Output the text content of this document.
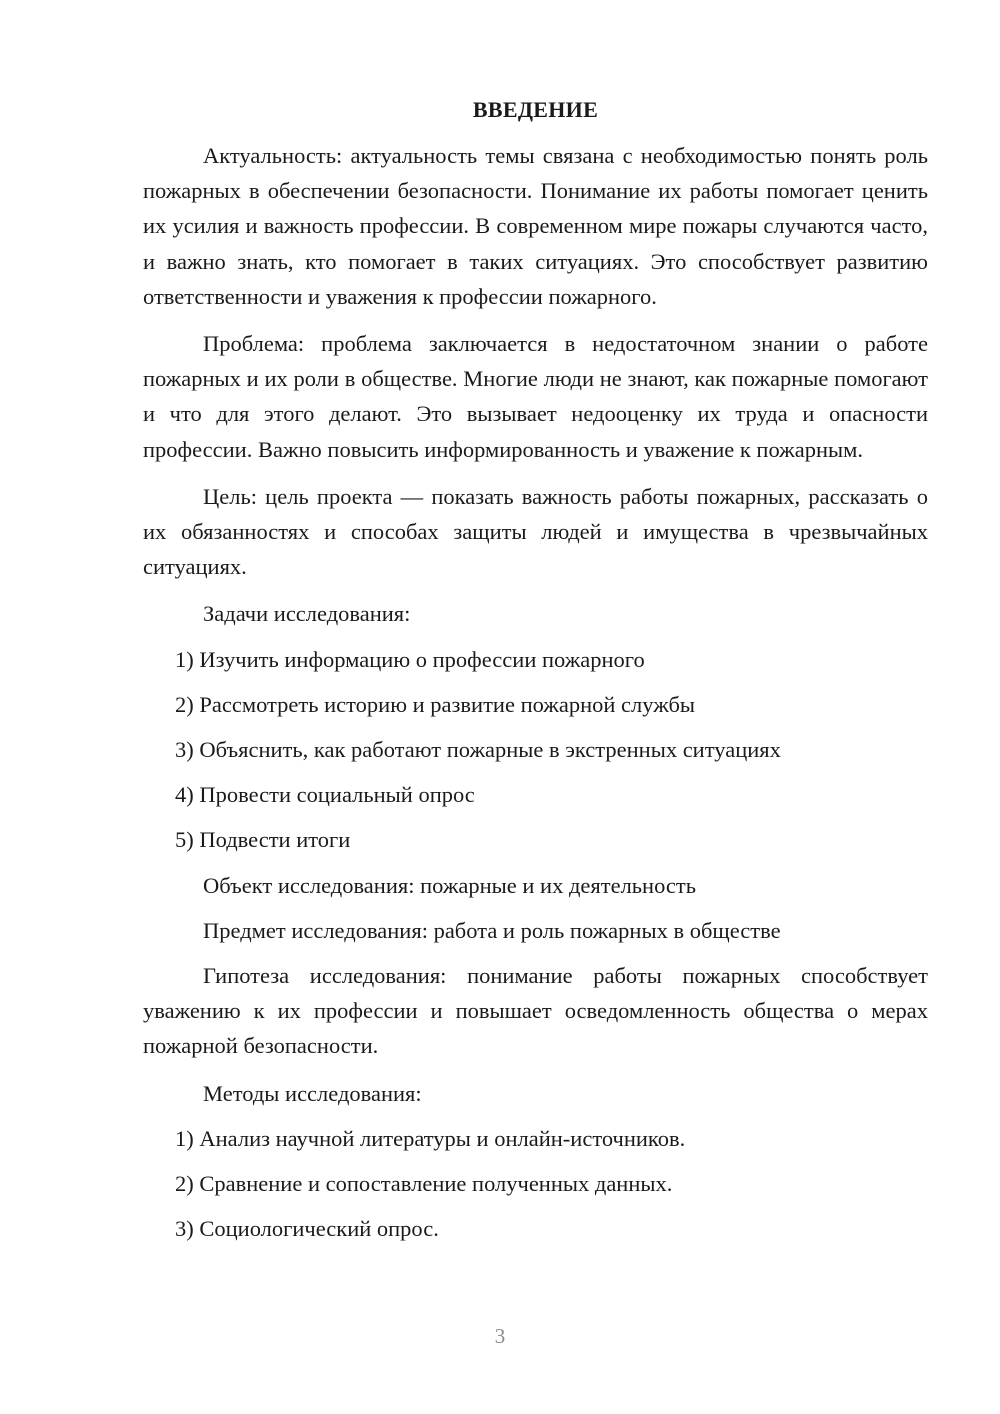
ВВЕДЕНИЕ

Актуальность: актуальность темы связана с необходимостью понять роль пожарных в обеспечении безопасности. Понимание их работы помогает ценить их усилия и важность профессии. В современном мире пожары случаются часто, и важно знать, кто помогает в таких ситуациях. Это способствует развитию ответственности и уважения к профессии пожарного.

Проблема: проблема заключается в недостаточном знании о работе пожарных и их роли в обществе. Многие люди не знают, как пожарные помогают и что для этого делают. Это вызывает недооценку их труда и опасности профессии. Важно повысить информированность и уважение к пожарным.

Цель: цель проекта — показать важность работы пожарных, рассказать о их обязанностях и способах защиты людей и имущества в чрезвычайных ситуациях.

Задачи исследования:
1) Изучить информацию о профессии пожарного
2) Рассмотреть историю и развитие пожарной службы
3) Объяснить, как работают пожарные в экстренных ситуациях
4) Провести социальный опрос
5) Подвести итоги
Объект исследования: пожарные и их деятельность
Предмет исследования: работа и роль пожарных в обществе

Гипотеза исследования: понимание работы пожарных способствует уважению к их профессии и повышает осведомленность общества о мерах пожарной безопасности.

Методы исследования:
1) Анализ научной литературы и онлайн-источников.
2) Сравнение и сопоставление полученных данных.
3) Социологический опрос.
3
